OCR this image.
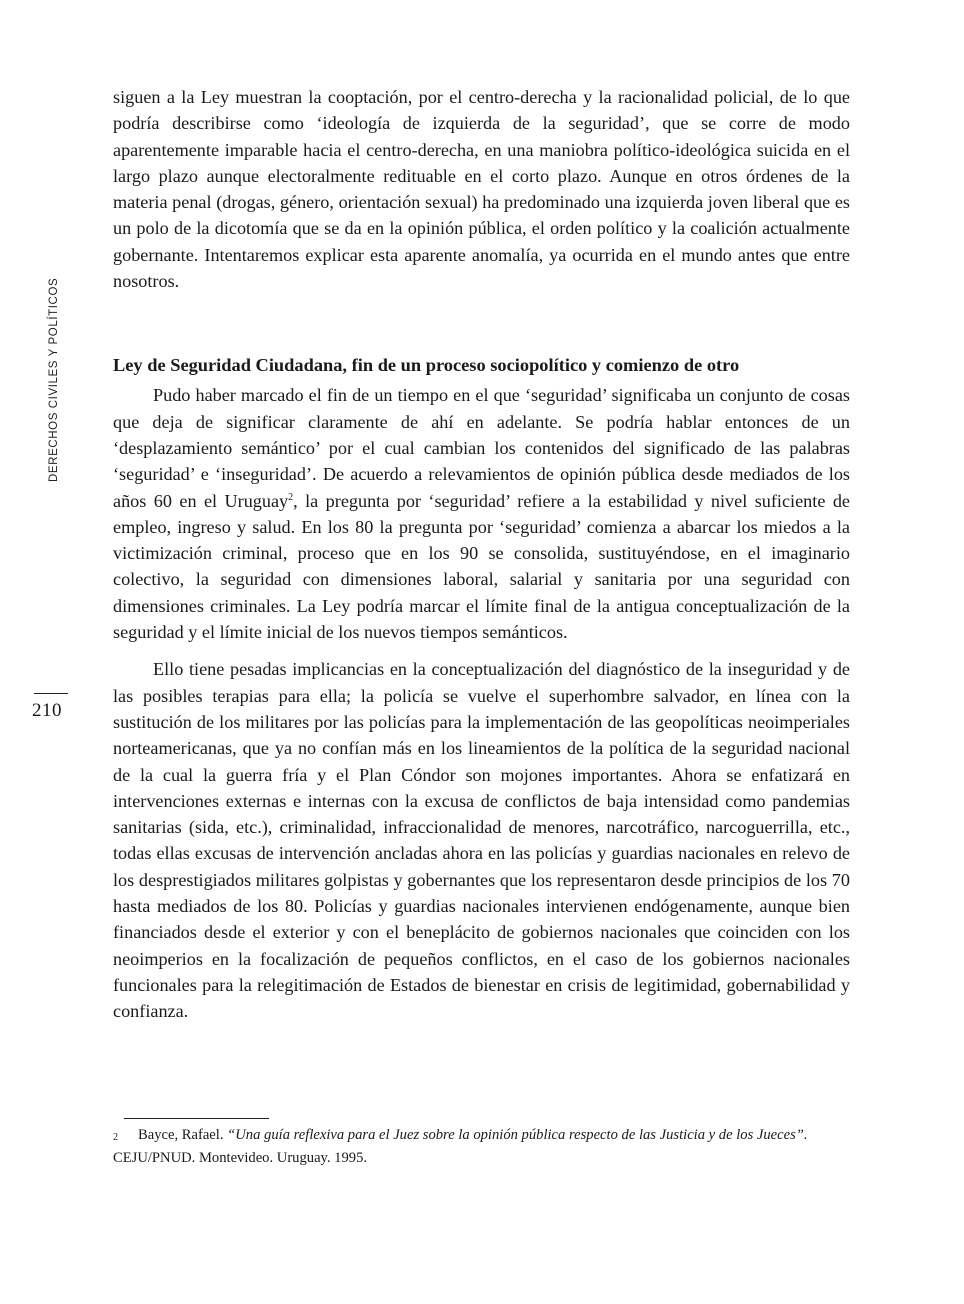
DERECHOS CIVILES Y POLÍTICOS
210

siguen a la Ley muestran la cooptación, por el centro-derecha y la racionalidad policial, de lo que podría describirse como ‘ideología de izquierda de la seguridad’, que se corre de modo aparentemente imparable hacia el centro-derecha, en una maniobra político-ideológica suicida en el largo plazo aunque electoralmente redituable en el corto plazo. Aunque en otros órdenes de la materia penal (drogas, género, orientación sexual) ha predominado una izquierda joven liberal que es un polo de la dicotomía que se da en la opinión pública, el orden político y la coalición actualmente gobernante. Intentaremos explicar esta aparente anomalía, ya ocurrida en el mundo antes que entre nosotros.

Ley de Seguridad Ciudadana, fin de un proceso sociopolítico y comienzo de otro

Pudo haber marcado el fin de un tiempo en el que ‘seguridad’ significaba un conjunto de cosas que deja de significar claramente de ahí en adelante. Se podría hablar entonces de un ‘desplazamiento semántico’ por el cual cambian los contenidos del significado de las palabras ‘seguridad’ e ‘inseguridad’. De acuerdo a relevamientos de opinión pública desde mediados de los años 60 en el Uruguay$^2$, la pregunta por ‘seguridad’ refiere a la estabilidad y nivel suficiente de empleo, ingreso y salud. En los 80 la pregunta por ‘seguridad’ comienza a abarcar los miedos a la victimización criminal, proceso que en los 90 se consolida, sustituyéndose, en el imaginario colectivo, la seguridad con dimensiones laboral, salarial y sanitaria por una seguridad con dimensiones criminales. La Ley podría marcar el límite final de la antigua conceptualización de la seguridad y el límite inicial de los nuevos tiempos semánticos.

Ello tiene pesadas implicancias en la conceptualización del diagnóstico de la inseguridad y de las posibles terapias para ella; la policía se vuelve el superhombre salvador, en línea con la sustitución de los militares por las policías para la implementación de las geopolíticas neoimperiales norteamericanas, que ya no confían más en los lineamientos de la política de la seguridad nacional de la cual la guerra fría y el Plan Cóndor son mojones importantes. Ahora se enfatizará en intervenciones externas e internas con la excusa de conflictos de baja intensidad como pandemias sanitarias (sida, etc.), criminalidad, infraccionalidad de menores, narcotráfico, narcoguerrilla, etc., todas ellas excusas de intervención ancladas ahora en las policías y guardias nacionales en relevo de los desprestigiados militares golpistas y gobernantes que los representaron desde principios de los 70 hasta mediados de los 80. Policías y guardias nacionales intervienen endógenamente, aunque bien financiados desde el exterior y con el beneplácito de gobiernos nacionales que coinciden con los neoimperios en la focalización de pequeños conflictos, en el caso de los gobiernos nacionales funcionales para la relegitimación de Estados de bienestar en crisis de legitimidad, gobernabilidad y confianza.

$^2$ Bayce, Rafael. “Una guía reflexiva para el Juez sobre la opinión pública respecto de las Justicia y de los Jueces”.
CEJU/PNUD. Montevideo. Uruguay. 1995.
